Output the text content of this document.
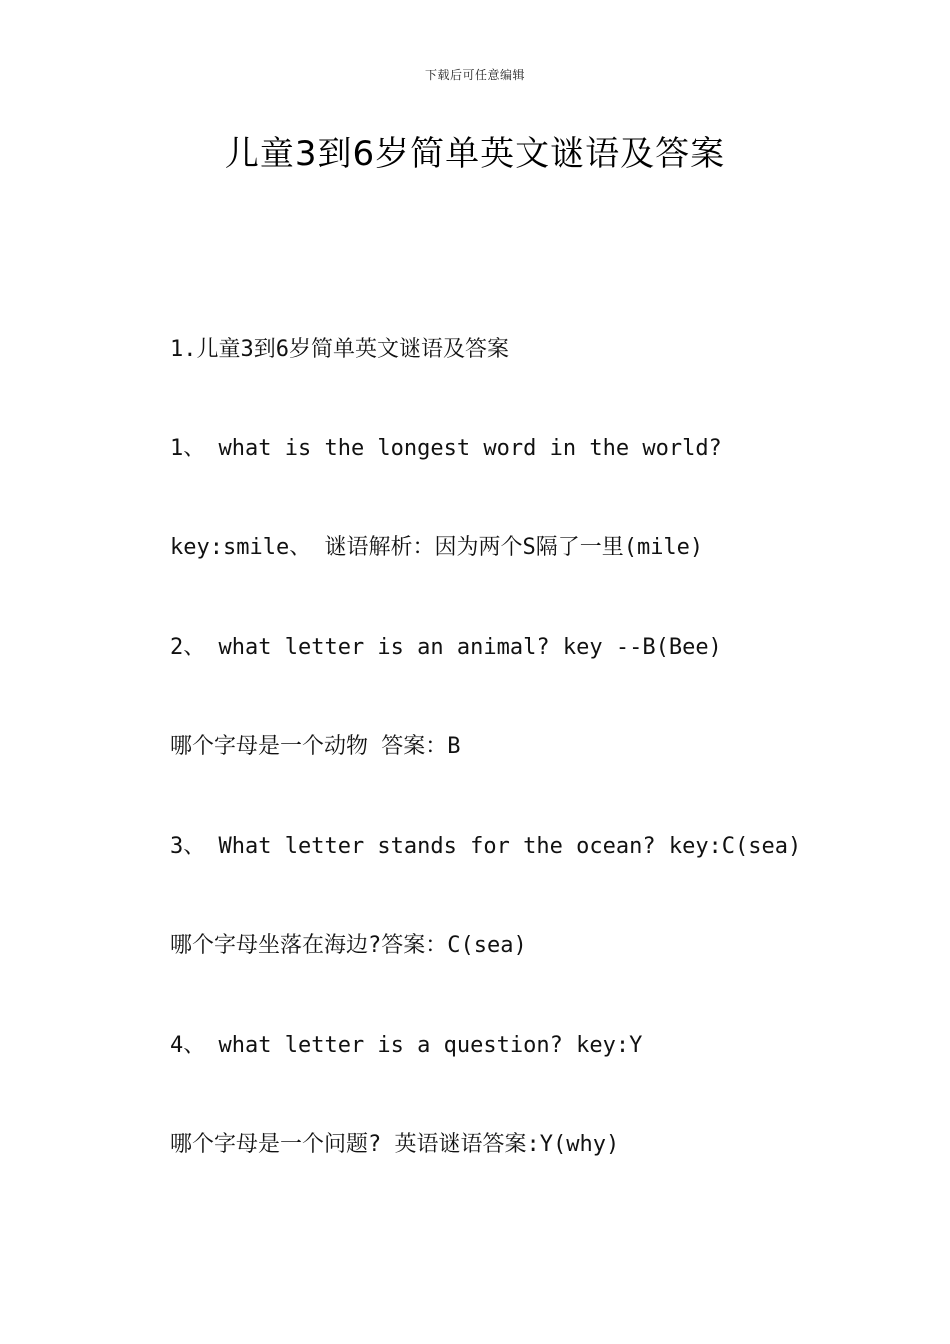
下载后可任意编辑
儿童3到6岁简单英文谜语及答案
1.儿童3到6岁简单英文谜语及答案
1、 what is the longest word in the world?
key:smile、 谜语解析：因为两个S隔了一里(mile)
2、 what letter is an animal? key --B(Bee)
哪个字母是一个动物 答案：B
3、 What letter stands for the ocean? key:C(sea)
哪个字母坐落在海边?答案：C(sea)
4、 what letter is a question? key:Y
哪个字母是一个问题? 英语谜语答案:Y(why)
